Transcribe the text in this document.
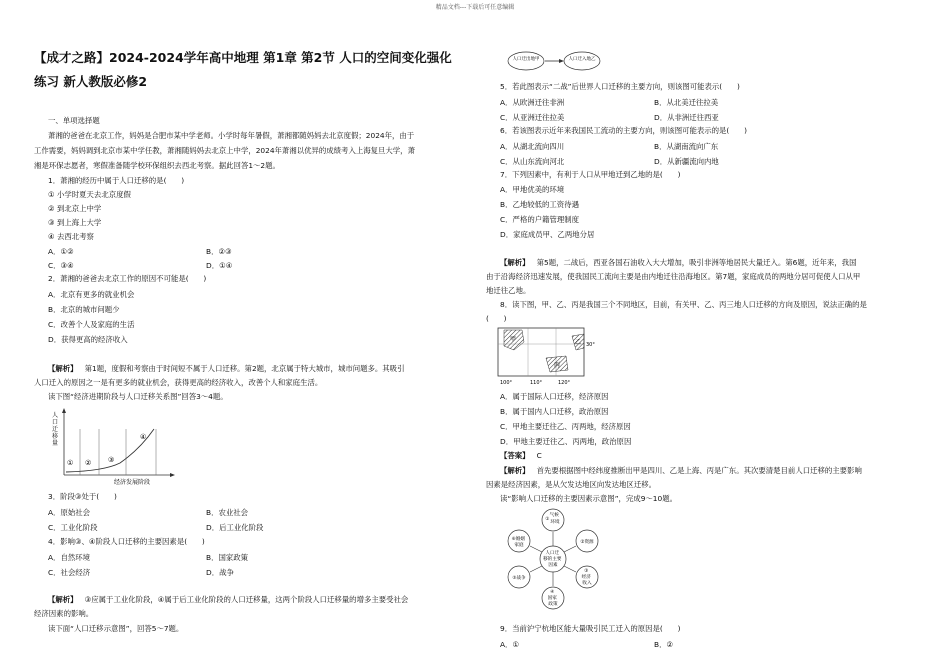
精品文档---下载后可任意编辑
【成才之路】2024-2024学年高中地理 第1章 第2节 人口的空间变化强化
练习 新人教版必修2
一、单项选择题
萧湘的爸爸在北京工作，妈妈是合肥市某中学老师。小学时每年暑假，萧湘都随妈妈去北京度假；2024年，由于
工作需要，妈妈调到北京市某中学任教，萧湘随妈妈去北京上中学，2024年萧湘以优异的成绩考入上海复旦大学，萧
湘是环保志愿者，寒假准备随学校环保组织去西北考察。据此回答1～2题。
1．萧湘的经历中属于人口迁移的是(　　)
① 小学时夏天去北京度假
② 到北京上中学
③ 到上海上大学
④ 去西北考察
A．①②	B．②③
C．③④	D．①④
2．萧湘的爸爸去北京工作的原因不可能是(　　)
A．北京有更多的就业机会
B．北京的城市问题少
C．改善个人及家庭的生活
D．获得更高的经济收入
【解析】 第1题，度假和考察由于时间短不属于人口迁移。第2题，北京属于特大城市，城市问题多。其吸引
人口迁入的原因之一是有更多的就业机会，获得更高的经济收入，改善个人和家庭生活。
读下图“经济进期阶段与人口迁移关系图”回答3～4题。
人口迁移量
① ② ③
④
经济发展阶段
3．阶段③处于(　　)
A．原始社会	B．农业社会
C．工业化阶段	D．后工业化阶段
4．影响③、④阶段人口迁移的主要因素是(　　)
A．自然环境	B．国家政策
C．社会经济	D．战争
【解析】 ③应属于工业化阶段，④属于后工业化阶段的人口迁移量，这两个阶段人口迁移量的增多主要受社会
经济因素的影响。
读下面“人口迁移示意图”，回答5～7题。
人口迁出地甲	人口迁入地乙
5．若此图表示“二战”后世界人口迁移的主要方向，则该图可能表示(　　)
A．从欧洲迁往非洲	B．从北美迁往拉美
C．从亚洲迁往拉美	D．从非洲迁往西亚
6．若该图表示近年来我国民工流动的主要方向，则该图可能表示的是(　　)
A．从湖北流向四川	B．从湖南流向广东
C．从山东流向河北	D．从新疆流向内地
7．下列因素中，有利于人口从甲地迁到乙地的是(　　)
A．甲地优美的环境
B．乙地较低的工资待遇
C．严格的户籍管理制度
D．家庭成员甲、乙两地分居
【解析】 第5题，二战后，西亚各国石油收入大大增加，吸引非洲等地居民大量迁入。第6题，近年来，我国
由于沿海经济迅速发展，使我国民工流向主要是由内地迁往沿海地区。第7题，家庭成员的两地分居可促使人口从甲
地迁往乙地。
8．读下图，甲、乙、丙是我国三个不同地区，目前，有关甲、乙、丙三地人口迁移的方向及原因，说法正确的是
(　　)
甲	乙
丙
30°
100°	110°	120°
A．属于国际人口迁移，经济原因
B．属于国内人口迁移，政治原因
C．甲地主要迁往乙、丙两地，经济原因
D．甲地主要迁往乙、丙两地，政治原因
【答案】 C
【解析】 首先要根据图中经纬度推断出甲是四川、乙是上海、丙是广东。其次要清楚目前人口迁移的主要影响
因素是经济因素，是从欠发达地区向发达地区迁移。
读“影响人口迁移的主要因素示意图”，完成9～10题。
人口迁 移的主要 因素
① 气候 环境
②资源
③ 经济 收入
④ 国家 政策
⑤战争
⑥婚姻 家庭
9．当前沪宁杭地区能大量吸引民工迁入的原因是(　　)
A．①	B．②
